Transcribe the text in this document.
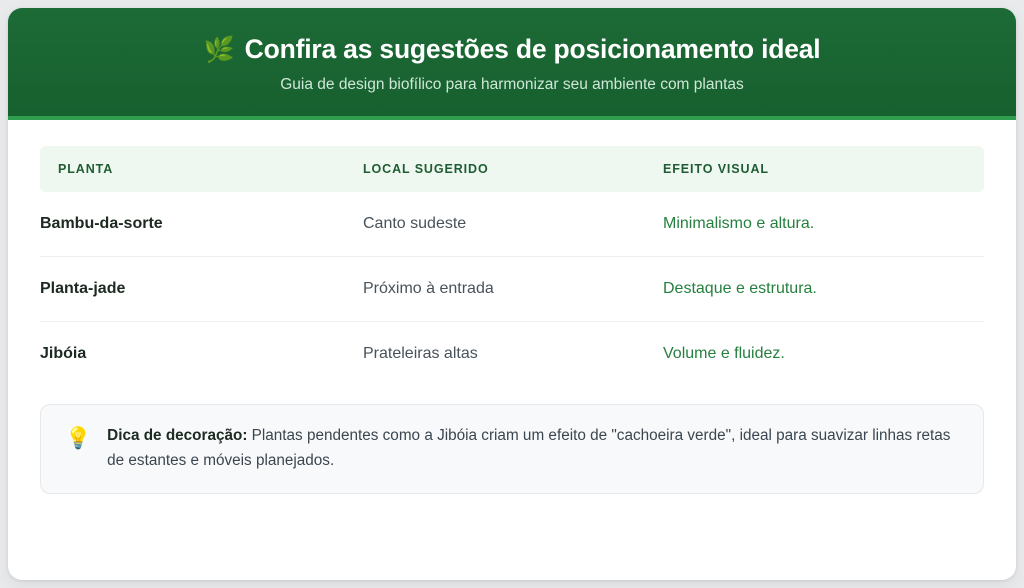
🌿 Confira as sugestões de posicionamento ideal
Guia de design biofílico para harmonizar seu ambiente com plantas
PLANTA	LOCAL SUGERIDO	EFEITO VISUAL
Bambu-da-sorte	Canto sudeste	Minimalismo e altura.
Planta-jade	Próximo à entrada	Destaque e estrutura.
Jibóia	Prateleiras altas	Volume e fluidez.
💡 Dica de decoração: Plantas pendentes como a Jibóia criam um efeito de "cachoeira verde", ideal para suavizar linhas retas de estantes e móveis planejados.
